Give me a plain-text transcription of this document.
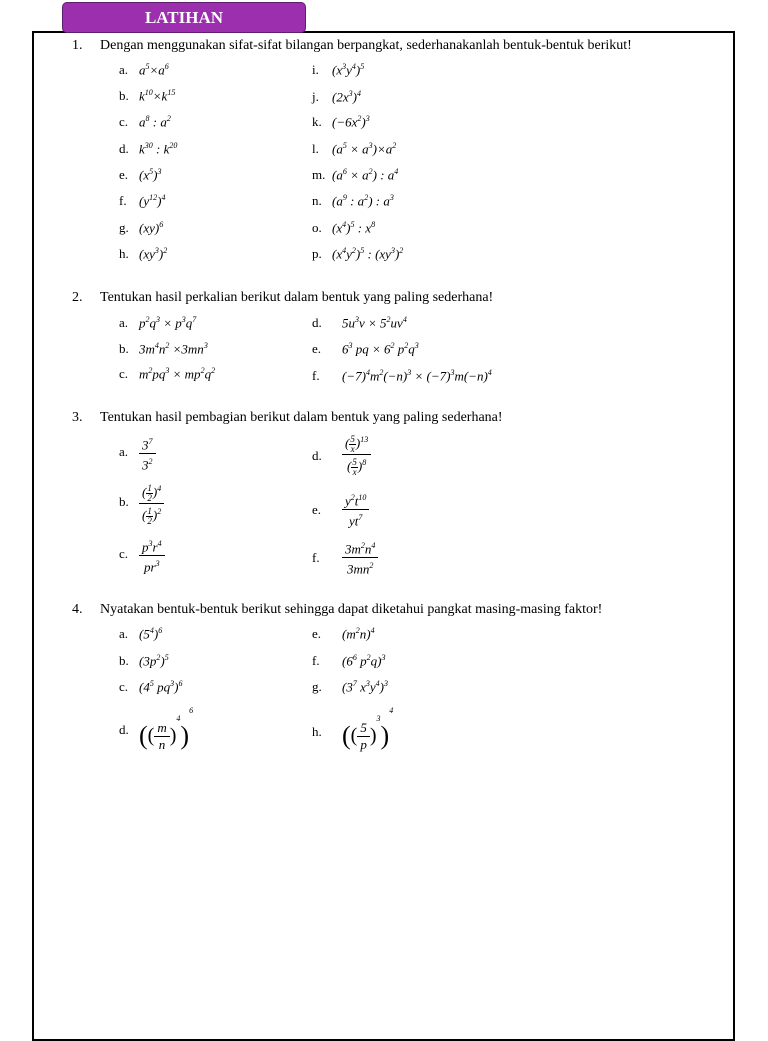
LATIHAN
1. Dengan menggunakan sifat-sifat bilangan berpangkat, sederhanakanlah bentuk-bentuk berikut!
a. $a^5\times a^6$
b. $k^{10}\times k^{15}$
c. $a^8$ : $a^2$
d. $k^{30}$ : $k^{20}$
e. $(x^5)^3$
f. $(y^{12})^4$
g. (xy)$^6$
h. $(xy^3)^2$
i. $(x^3y^4)^5$
j. $(2x^3)^4$
k. $(-6x^2)^3$
l. $(a^5 \times a^3)\times a^2$
m. $(a^6 \times a^2)$ : $a^4$
n. ($a^9$ : $a^2$) : $a^3$
o. $(x^4)^5$ : $x^8$
p. $(x^4y^2)^5$ : $(xy^3)^2$
2. Tentukan hasil perkalian berikut dalam bentuk yang paling sederhana!
a. $p^2q^3 \times p^3q^7$
b. $3m^4n^2 \times 3mn^3$
c. $m^2pq^3 \times mp^2q^2$
d. $5u^3v \times 5^2uv^4$
e. $6^3$ pq × $6^2$ $p^2q^3$
f. $(-7)^4m^2(-n)^3 \times (-7)^3m(-n)^4$
3. Tentukan hasil pembagian berikut dalam bentuk yang paling sederhana!
a. $\frac{3^7}{3^2}$
b. $\frac{( \frac{1}{2} )^4}{( \frac{1}{2} )^2}$
c. $\frac{p^3r^4}{pr^3}$
d. $\frac{( \frac{5}{x} )^{13}}{( \frac{5}{x} )^8}$
e. $\frac{y^2t^{10}}{yt^7}$
f. $\frac{3m^2n^4}{3mn^2}$
4. Nyatakan bentuk-bentuk berikut sehingga dapat diketahui pangkat masing-masing faktor!
a. $(5^4)^6$
b. $(3p^2)^5$
c. ($4^5$ $pq^3)^6$
d. (( $\frac{m}{n} )^4)^6$
e. $(m^2n)^4$
f. ($6^6$ $p^2q)^3$
g. ($3^7$ $x^3y^4)^3$
h. (( $\frac{5}{p} )^3)^4$
